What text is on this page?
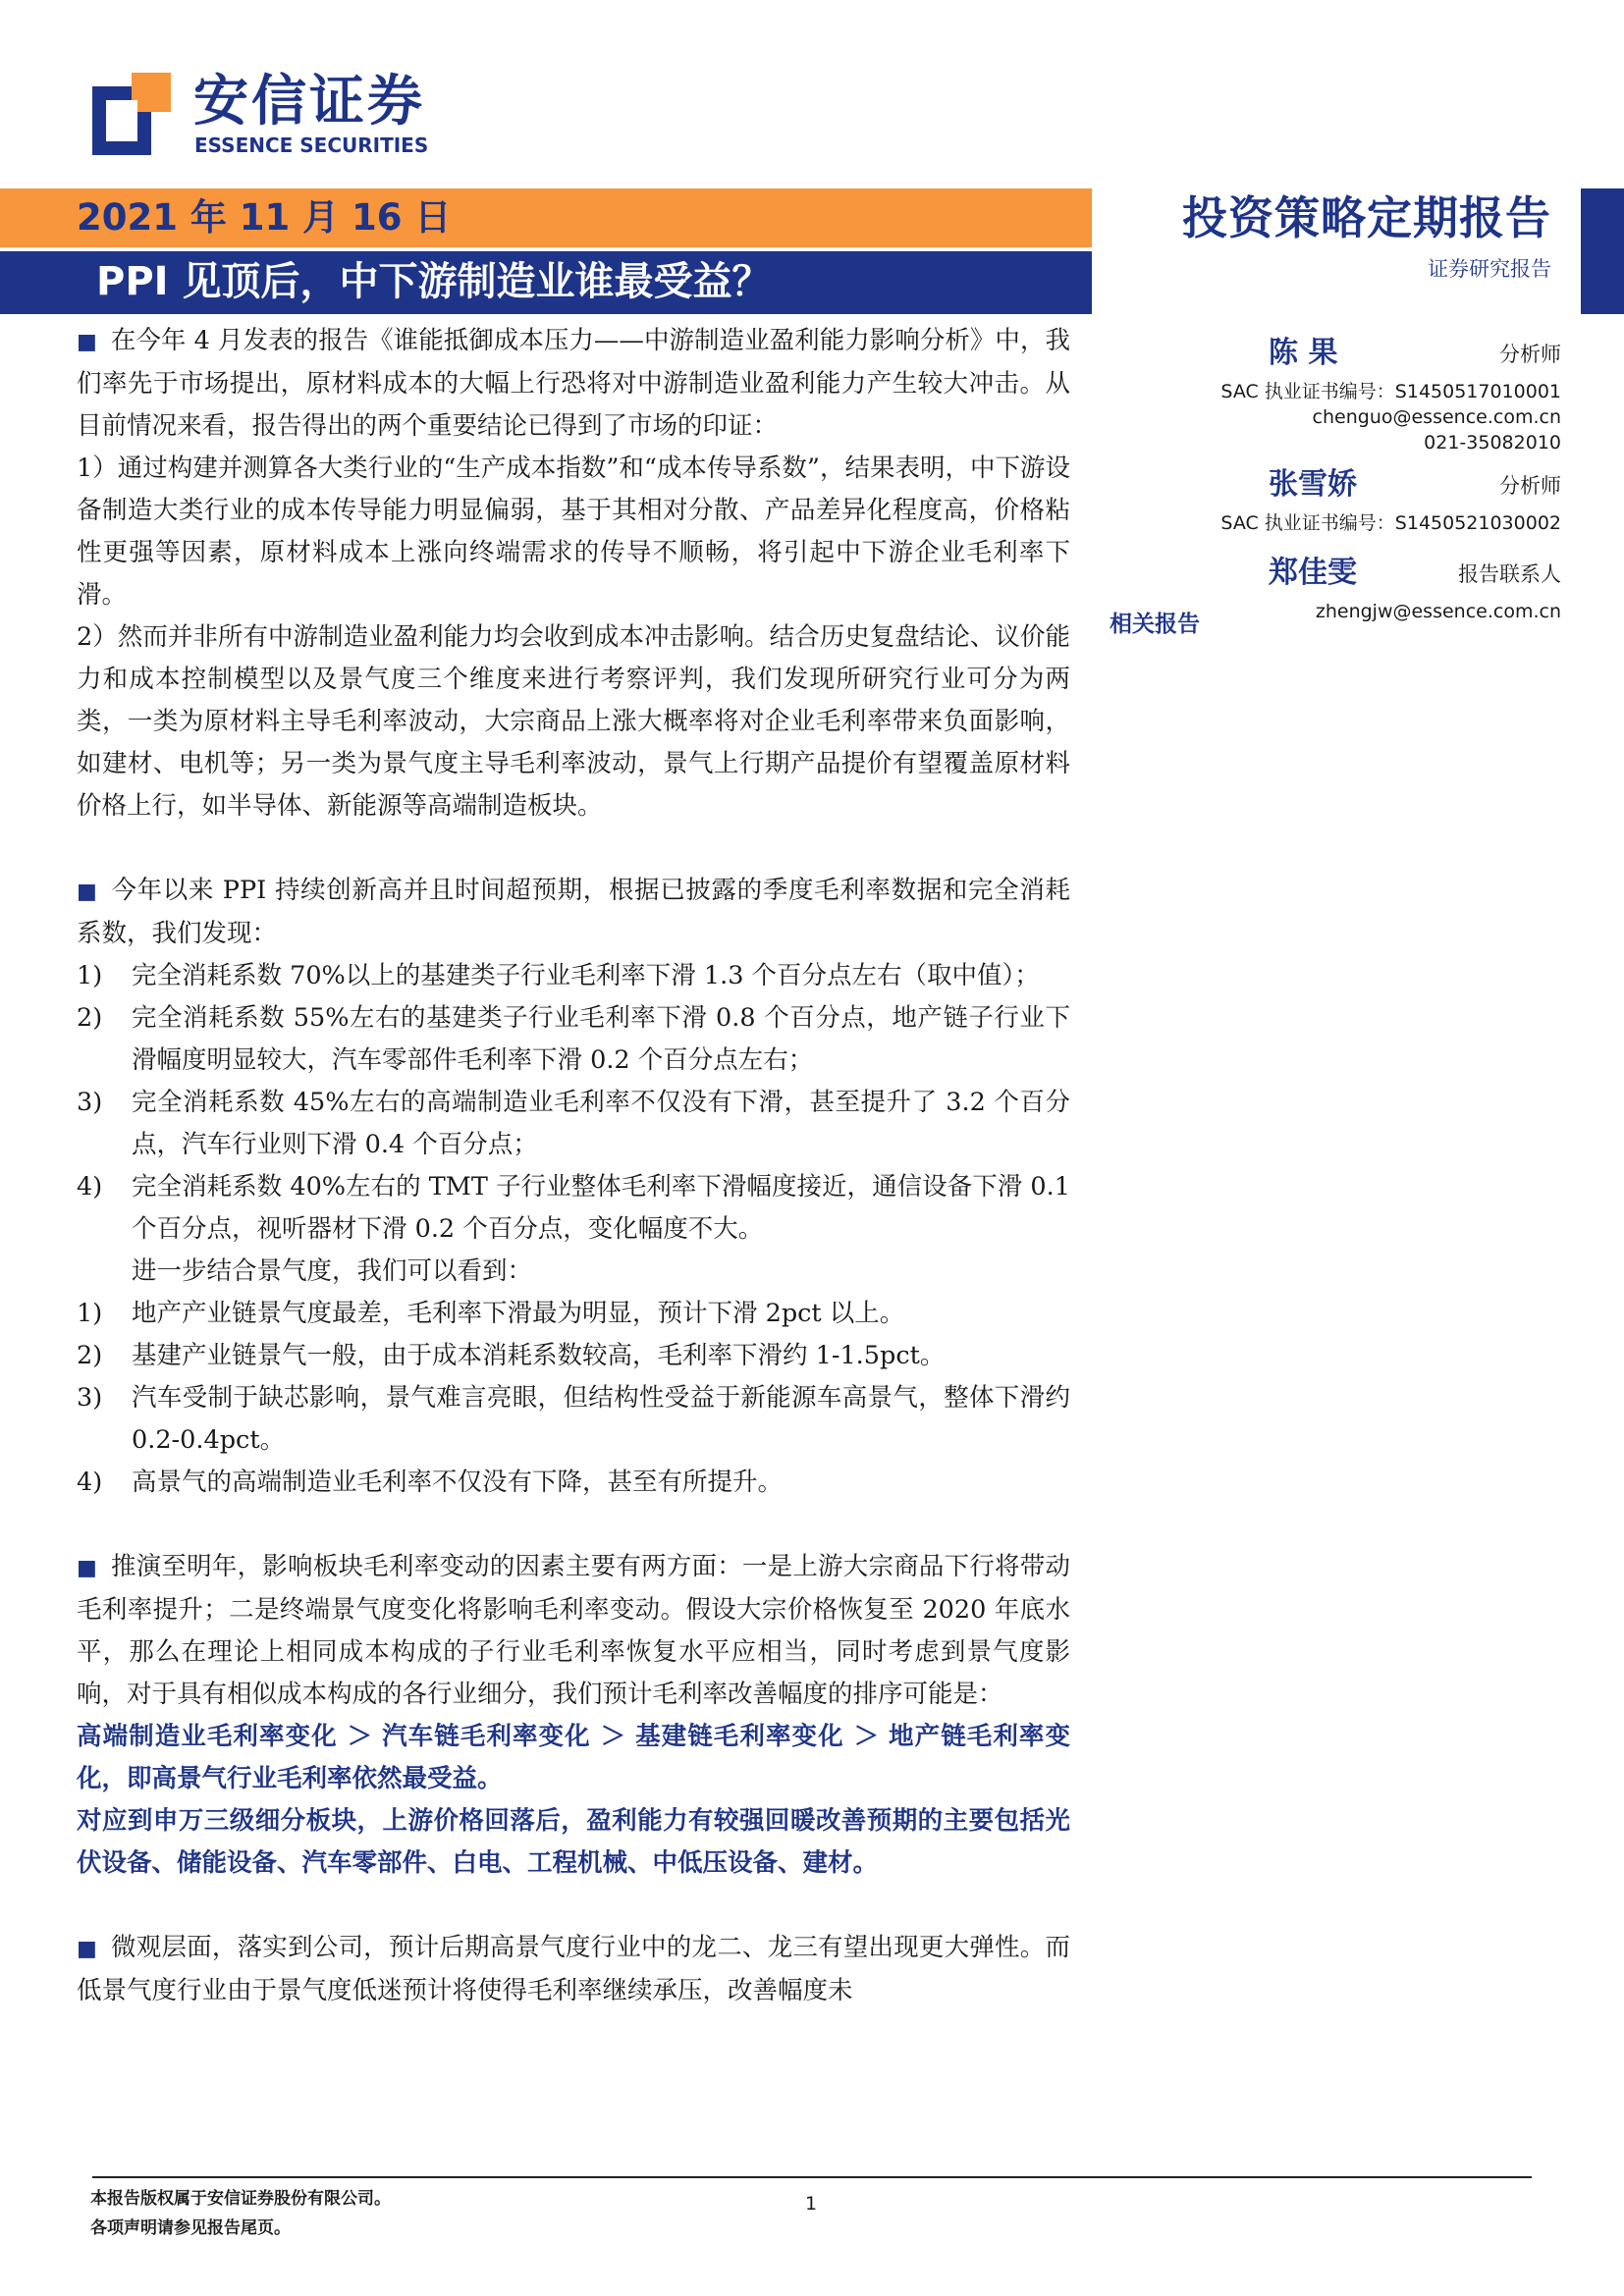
安信证券
ESSENCE SECURITIES
2021 年 11 月 16 日
PPI 见顶后，中下游制造业谁最受益？
投资策略定期报告
证券研究报告

■ 在今年 4 月发表的报告《谁能抵御成本压力——中游制造业盈利能力影响分析》中，我们率先于市场提出，原材料成本的大幅上行恐将对中游制造业盈利能力产生较大冲击。从目前情况来看，报告得出的两个重要结论已得到了市场的印证：

1）通过构建并测算各大类行业的“生产成本指数”和“成本传导系数”，结果表明，中下游设备制造大类行业的成本传导能力明显偏弱，基于其相对分散、产品差异化程度高，价格粘性更强等因素，原材料成本上涨向终端需求的传导不顺畅，将引起中下游企业毛利率下滑。

2）然而并非所有中游制造业盈利能力均会收到成本冲击影响。结合历史复盘结论、议价能力和成本控制模型以及景气度三个维度来进行考察评判，我们发现所研究行业可分为两类，一类为原材料主导毛利率波动，大宗商品上涨大概率将对企业毛利率带来负面影响，如建材、电机等；另一类为景气度主导毛利率波动，景气上行期产品提价有望覆盖原材料价格上行，如半导体、新能源等高端制造板块。

■ 今年以来 PPI 持续创新高并且时间超预期，根据已披露的季度毛利率数据和完全消耗系数，我们发现：

1)	完全消耗系数 70%以上的基建类子行业毛利率下滑 1.3 个百分点左右（取中值）；
2)	完全消耗系数 55%左右的基建类子行业毛利率下滑 0.8 个百分点，地产链子行业下滑幅度明显较大，汽车零部件毛利率下滑 0.2 个百分点左右；
3)	完全消耗系数 45%左右的高端制造业毛利率不仅没有下滑，甚至提升了 3.2 个百分点，汽车行业则下滑 0.4 个百分点；
4)	完全消耗系数 40%左右的 TMT 子行业整体毛利率下滑幅度接近，通信设备下滑 0.1 个百分点，视听器材下滑 0.2 个百分点，变化幅度不大。

进一步结合景气度，我们可以看到：

1)	地产产业链景气度最差，毛利率下滑最为明显，预计下滑 2pct 以上。
2)	基建产业链景气一般，由于成本消耗系数较高，毛利率下滑约 1-1.5pct。
3)	汽车受制于缺芯影响，景气难言亮眼，但结构性受益于新能源车高景气，整体下滑约 0.2-0.4pct。
4)	高景气的高端制造业毛利率不仅没有下降，甚至有所提升。

■ 推演至明年，影响板块毛利率变动的因素主要有两方面：一是上游大宗商品下行将带动毛利率提升；二是终端景气度变化将影响毛利率变动。假设大宗价格恢复至 2020 年底水平，那么在理论上相同成本构成的子行业毛利率恢复水平应相当，同时考虑到景气度影响，对于具有相似成本构成的各行业细分，我们预计毛利率改善幅度的排序可能是：

高端制造业毛利率变化 ＞ 汽车链毛利率变化 ＞ 基建链毛利率变化 ＞ 地产链毛利率变化，即高景气行业毛利率依然最受益。

对应到申万三级细分板块，上游价格回落后，盈利能力有较强回暖改善预期的主要包括光伏设备、储能设备、汽车零部件、白电、工程机械、中低压设备、建材。

■ 微观层面，落实到公司，预计后期高景气度行业中的龙二、龙三有望出现更大弹性。而低景气度行业由于景气度低迷预计将使得毛利率继续承压，改善幅度未

陈 果	分析师
SAC 执业证书编号：S1450517010001
chenguo@essence.com.cn
021-35082010
张雪娇	分析师
SAC 执业证书编号：S1450521030002
郑佳雯	报告联系人
zhengjw@essence.com.cn
相关报告
本报告版权属于安信证券股份有限公司。
各项声明请参见报告尾页。
1
